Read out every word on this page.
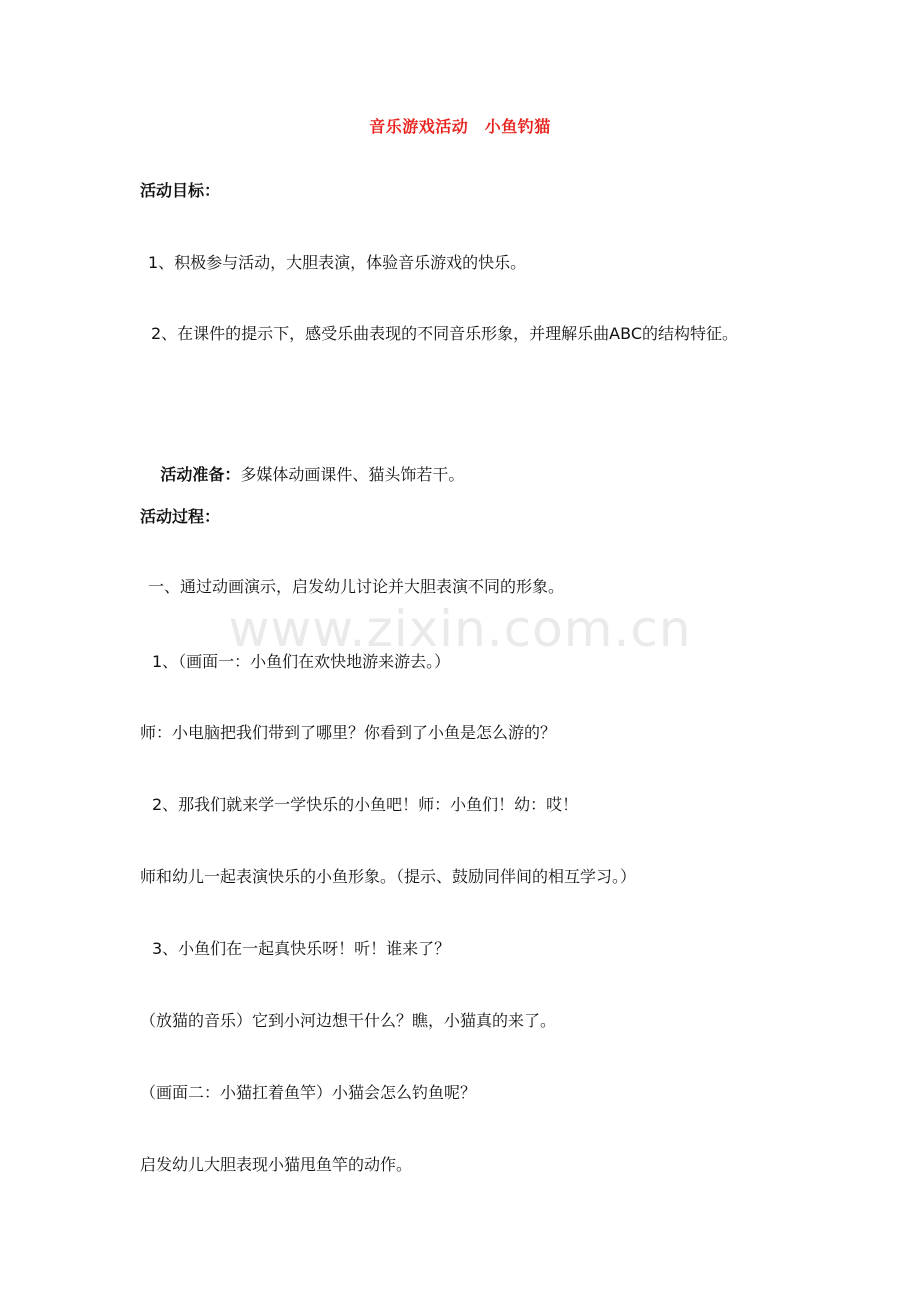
音乐游戏活动　小鱼钓猫
活动目标：
1、积极参与活动，大胆表演，体验音乐游戏的快乐。
2、在课件的提示下，感受乐曲表现的不同音乐形象，并理解乐曲ABC的结构特征。

活动准备：多媒体动画课件、猫头饰若干。

活动过程：
一、通过动画演示，启发幼儿讨论并大胆表演不同的形象。
1、（画面一：小鱼们在欢快地游来游去。）
师：小电脑把我们带到了哪里？你看到了小鱼是怎么游的？
2、那我们就来学一学快乐的小鱼吧！师：小鱼们！幼：哎！
师和幼儿一起表演快乐的小鱼形象。（提示、鼓励同伴间的相互学习。）
3、小鱼们在一起真快乐呀！听！谁来了？
（放猫的音乐）它到小河边想干什么？瞧，小猫真的来了。
（画面二：小猫扛着鱼竿）小猫会怎么钓鱼呢？
启发幼儿大胆表现小猫甩鱼竿的动作。
www.zixin.com.cn
